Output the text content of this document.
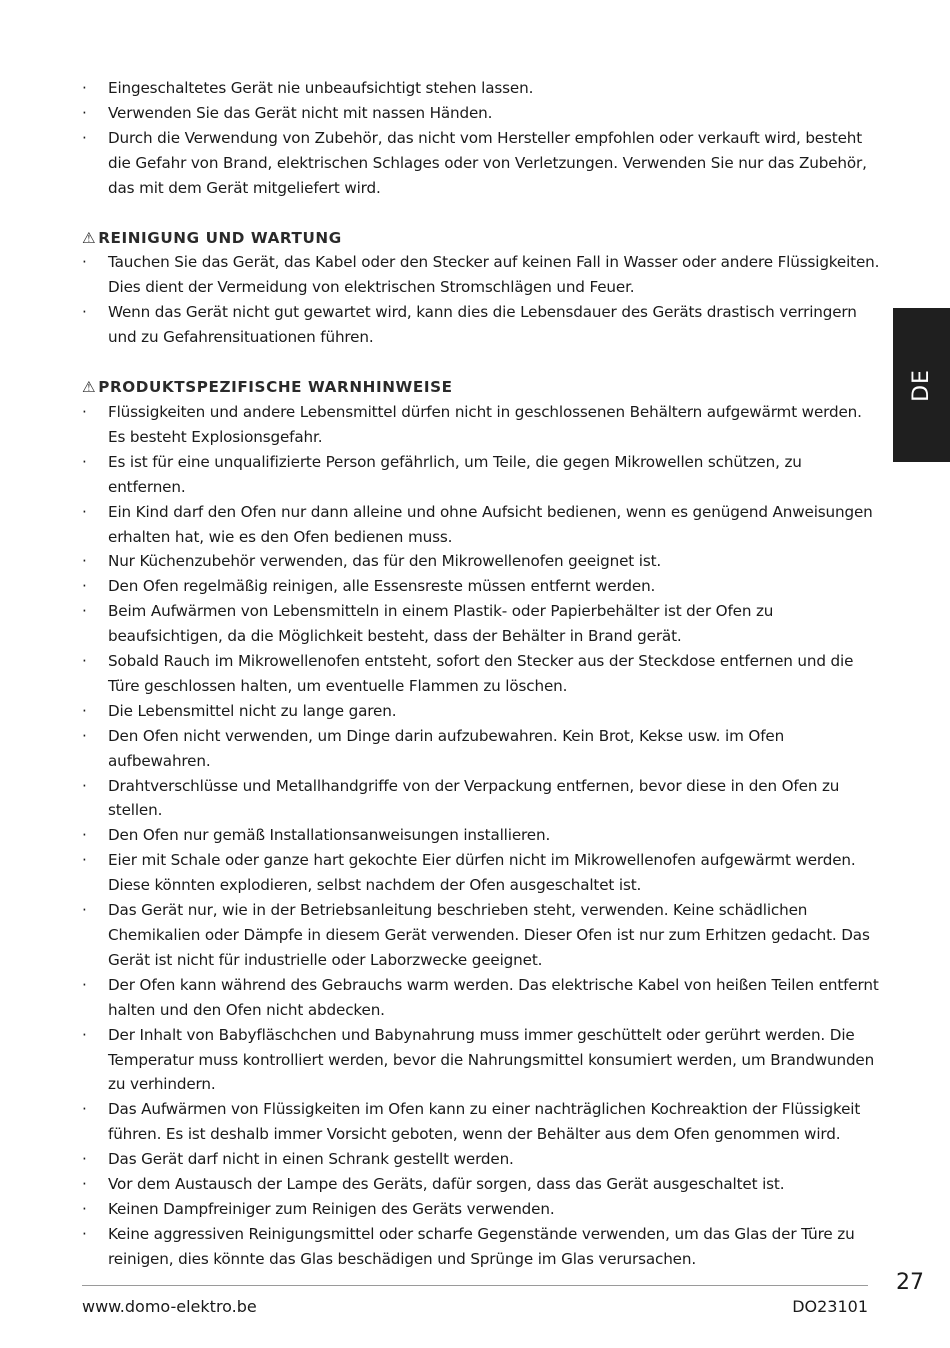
· Eingeschaltetes Gerät nie unbeaufsichtigt stehen lassen.
· Verwenden Sie das Gerät nicht mit nassen Händen.
· Durch die Verwendung von Zubehör, das nicht vom Hersteller empfohlen oder verkauft wird, besteht die Gefahr von Brand, elektrischen Schlages oder von Verletzungen. Verwenden Sie nur das Zubehör, das mit dem Gerät mitgeliefert wird.
⚠ REINIGUNG UND WARTUNG
· Tauchen Sie das Gerät, das Kabel oder den Stecker auf keinen Fall in Wasser oder andere Flüssigkeiten. Dies dient der Vermeidung von elektrischen Stromschlägen und Feuer.
· Wenn das Gerät nicht gut gewartet wird, kann dies die Lebensdauer des Geräts drastisch verringern und zu Gefahrensituationen führen.
⚠ PRODUKTSPEZIFISCHE WARNHINWEISE
· Flüssigkeiten und andere Lebensmittel dürfen nicht in geschlossenen Behältern aufgewärmt werden. Es besteht Explosionsgefahr.
· Es ist für eine unqualifizierte Person gefährlich, um Teile, die gegen Mikrowellen schützen, zu entfernen.
· Ein Kind darf den Ofen nur dann alleine und ohne Aufsicht bedienen, wenn es genügend Anweisungen erhalten hat, wie es den Ofen bedienen muss.
· Nur Küchenzubehör verwenden, das für den Mikrowellenofen geeignet ist.
· Den Ofen regelmäßig reinigen, alle Essensreste müssen entfernt werden.
· Beim Aufwärmen von Lebensmitteln in einem Plastik- oder Papierbehälter ist der Ofen zu beaufsichtigen, da die Möglichkeit besteht, dass der Behälter in Brand gerät.
· Sobald Rauch im Mikrowellenofen entsteht, sofort den Stecker aus der Steckdose entfernen und die Türe geschlossen halten, um eventuelle Flammen zu löschen.
· Die Lebensmittel nicht zu lange garen.
· Den Ofen nicht verwenden, um Dinge darin aufzubewahren. Kein Brot, Kekse usw. im Ofen aufbewahren.
· Drahtverschlüsse und Metallhandgriffe von der Verpackung entfernen, bevor diese in den Ofen zu stellen.
· Den Ofen nur gemäß Installationsanweisungen installieren.
· Eier mit Schale oder ganze hart gekochte Eier dürfen nicht im Mikrowellenofen aufgewärmt werden. Diese könnten explodieren, selbst nachdem der Ofen ausgeschaltet ist.
· Das Gerät nur, wie in der Betriebsanleitung beschrieben steht, verwenden. Keine schädlichen Chemikalien oder Dämpfe in diesem Gerät verwenden. Dieser Ofen ist nur zum Erhitzen gedacht. Das Gerät ist nicht für industrielle oder Laborzwecke geeignet.
· Der Ofen kann während des Gebrauchs warm werden. Das elektrische Kabel von heißen Teilen entfernt halten und den Ofen nicht abdecken.
· Der Inhalt von Babyfläschchen und Babynahrung muss immer geschüttelt oder gerührt werden. Die Temperatur muss kontrolliert werden, bevor die Nahrungsmittel konsumiert werden, um Brandwunden zu verhindern.
· Das Aufwärmen von Flüssigkeiten im Ofen kann zu einer nachträglichen Kochreaktion der Flüssigkeit führen. Es ist deshalb immer Vorsicht geboten, wenn der Behälter aus dem Ofen genommen wird.
· Das Gerät darf nicht in einen Schrank gestellt werden.
· Vor dem Austausch der Lampe des Geräts, dafür sorgen, dass das Gerät ausgeschaltet ist.
· Keinen Dampfreiniger zum Reinigen des Geräts verwenden.
· Keine aggressiven Reinigungsmittel oder scharfe Gegenstände verwenden, um das Glas der Türe zu reinigen, dies könnte das Glas beschädigen und Sprünge im Glas verursachen.
DE
27
www.domo-elektro.be	DO23101
